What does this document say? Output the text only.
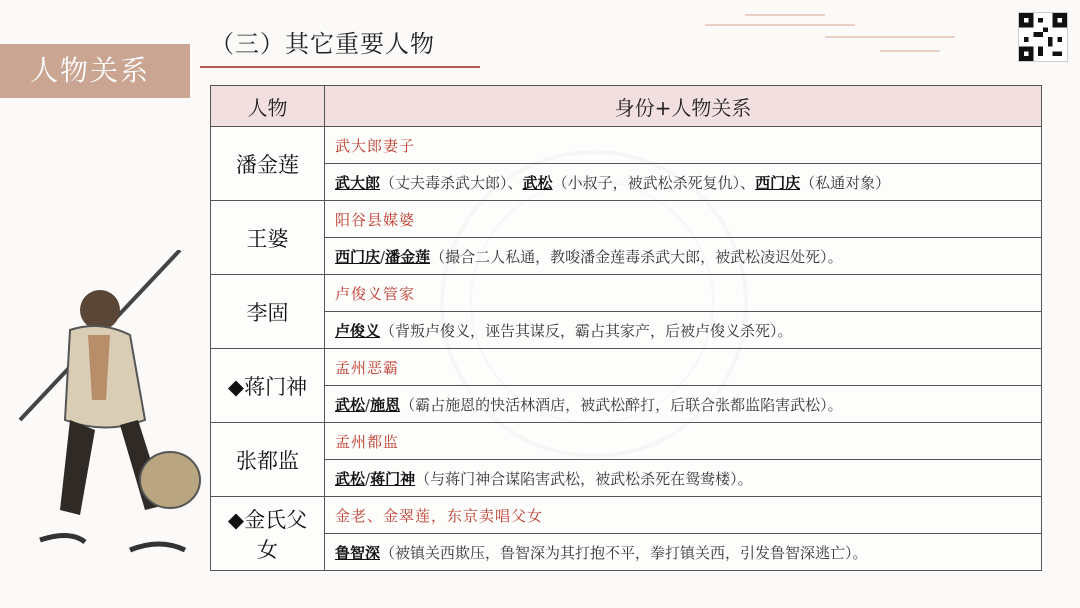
人物关系
（三）其它重要人物
人物	身份+人物关系
潘金莲	武大郎妻子
	武大郎（丈夫毒杀武大郎）、武松（小叔子，被武松杀死复仇）、西门庆（私通对象）
王婆	阳谷县媒婆
	西门庆/潘金莲（撮合二人私通，教唆潘金莲毒杀武大郎，被武松凌迟处死）。
李固	卢俊义管家
	卢俊义（背叛卢俊义，诬告其谋反，霸占其家产，后被卢俊义杀死）。
◆蒋门神	孟州恶霸
	武松/施恩（霸占施恩的快活林酒店，被武松醉打，后联合张都监陷害武松）。
张都监	孟州都监
	武松/蒋门神（与蒋门神合谋陷害武松，被武松杀死在鸳鸯楼）。
◆金氏父女	金老、金翠莲，东京卖唱父女
	鲁智深（被镇关西欺压，鲁智深为其打抱不平，拳打镇关西，引发鲁智深逃亡）。
